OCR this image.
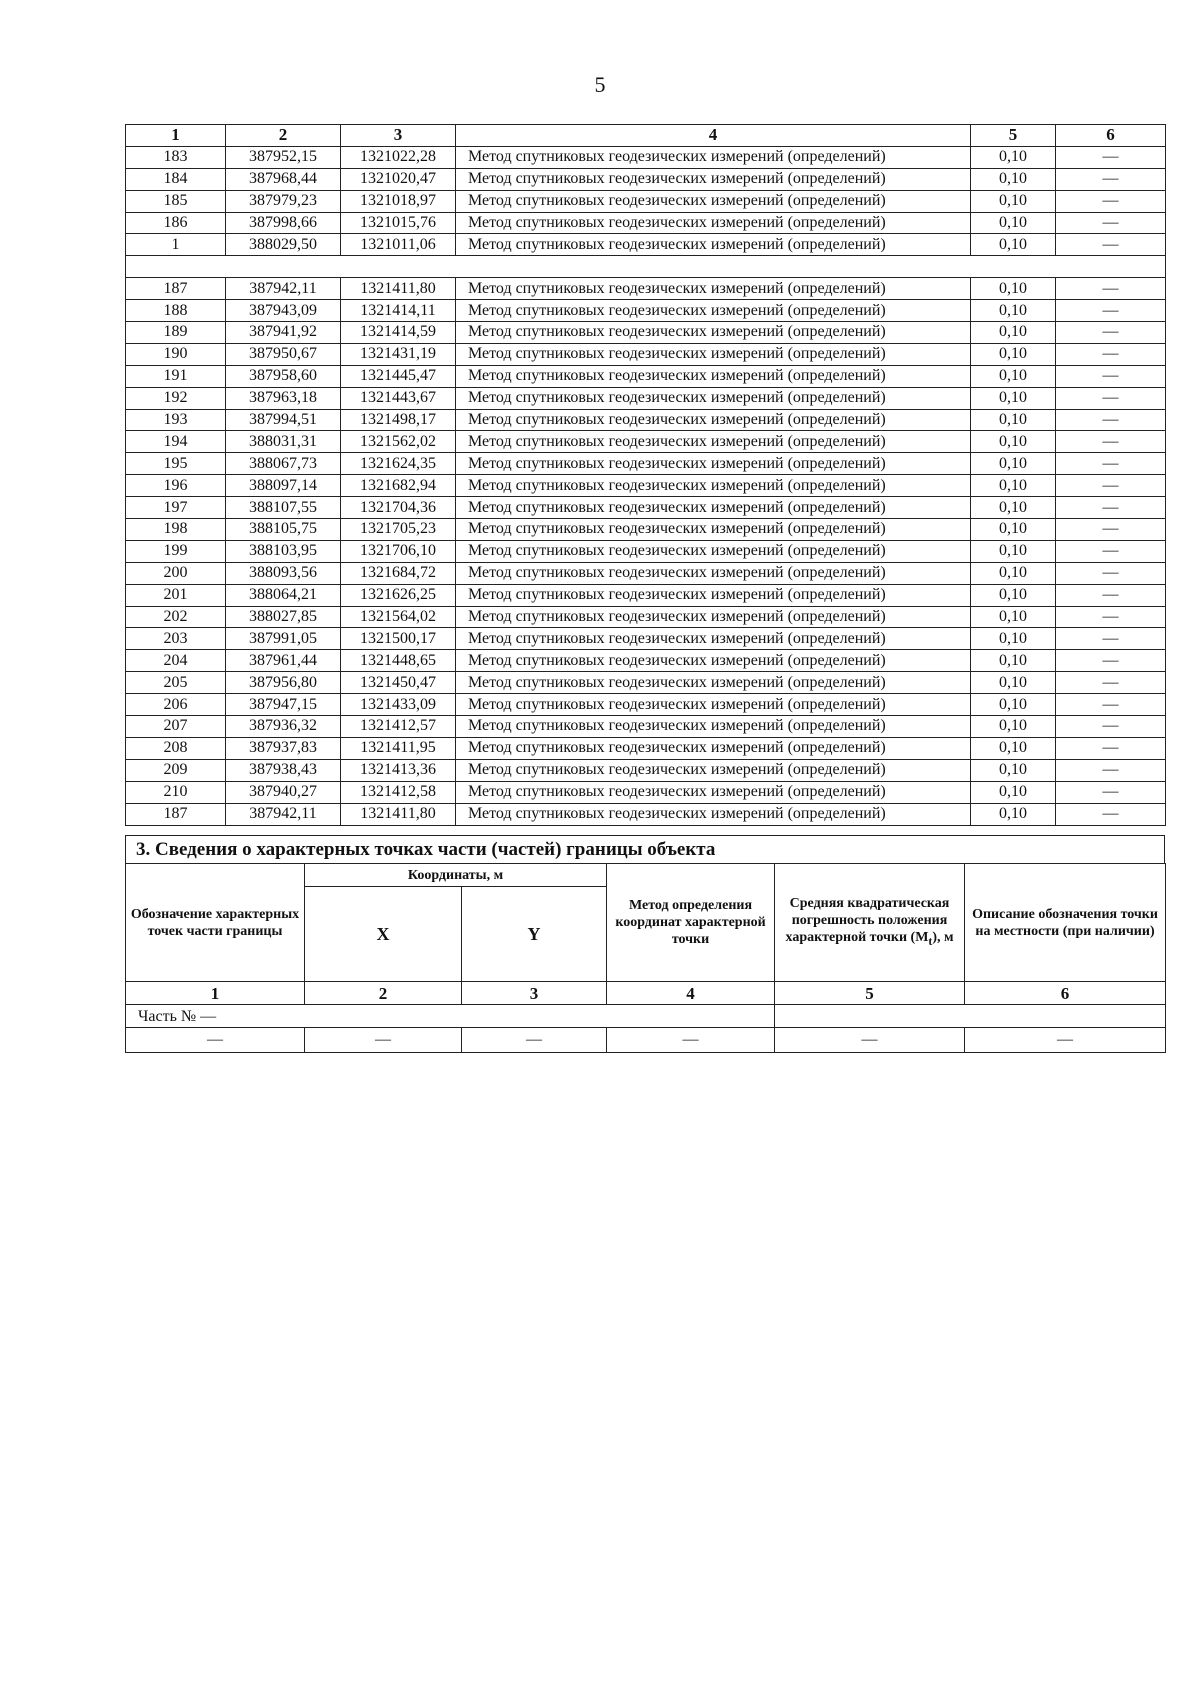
5
1	2	3	4	5	6
183	387952,15	1321022,28	Метод спутниковых геодезических измерений (определений)	0,10	—
184	387968,44	1321020,47	Метод спутниковых геодезических измерений (определений)	0,10	—
185	387979,23	1321018,97	Метод спутниковых геодезических измерений (определений)	0,10	—
186	387998,66	1321015,76	Метод спутниковых геодезических измерений (определений)	0,10	—
1	388029,50	1321011,06	Метод спутниковых геодезических измерений (определений)	0,10	—

187	387942,11	1321411,80	Метод спутниковых геодезических измерений (определений)	0,10	—
188	387943,09	1321414,11	Метод спутниковых геодезических измерений (определений)	0,10	—
189	387941,92	1321414,59	Метод спутниковых геодезических измерений (определений)	0,10	—
190	387950,67	1321431,19	Метод спутниковых геодезических измерений (определений)	0,10	—
191	387958,60	1321445,47	Метод спутниковых геодезических измерений (определений)	0,10	—
192	387963,18	1321443,67	Метод спутниковых геодезических измерений (определений)	0,10	—
193	387994,51	1321498,17	Метод спутниковых геодезических измерений (определений)	0,10	—
194	388031,31	1321562,02	Метод спутниковых геодезических измерений (определений)	0,10	—
195	388067,73	1321624,35	Метод спутниковых геодезических измерений (определений)	0,10	—
196	388097,14	1321682,94	Метод спутниковых геодезических измерений (определений)	0,10	—
197	388107,55	1321704,36	Метод спутниковых геодезических измерений (определений)	0,10	—
198	388105,75	1321705,23	Метод спутниковых геодезических измерений (определений)	0,10	—
199	388103,95	1321706,10	Метод спутниковых геодезических измерений (определений)	0,10	—
200	388093,56	1321684,72	Метод спутниковых геодезических измерений (определений)	0,10	—
201	388064,21	1321626,25	Метод спутниковых геодезических измерений (определений)	0,10	—
202	388027,85	1321564,02	Метод спутниковых геодезических измерений (определений)	0,10	—
203	387991,05	1321500,17	Метод спутниковых геодезических измерений (определений)	0,10	—
204	387961,44	1321448,65	Метод спутниковых геодезических измерений (определений)	0,10	—
205	387956,80	1321450,47	Метод спутниковых геодезических измерений (определений)	0,10	—
206	387947,15	1321433,09	Метод спутниковых геодезических измерений (определений)	0,10	—
207	387936,32	1321412,57	Метод спутниковых геодезических измерений (определений)	0,10	—
208	387937,83	1321411,95	Метод спутниковых геодезических измерений (определений)	0,10	—
209	387938,43	1321413,36	Метод спутниковых геодезических измерений (определений)	0,10	—
210	387940,27	1321412,58	Метод спутниковых геодезических измерений (определений)	0,10	—
187	387942,11	1321411,80	Метод спутниковых геодезических измерений (определений)	0,10	—
3. Сведения о характерных точках части (частей) границы объекта
Обозначение характерных точек части границы	Координаты, м		Метод определения координат характерной точки	Средняя квадратическая погрешность положения характерной точки $(M_t)$, м	Описание обозначения точки на местности (при наличии)
	X	Y			
1	2	3	4	5	6
Часть № —					
—	—	—	—	—	—
